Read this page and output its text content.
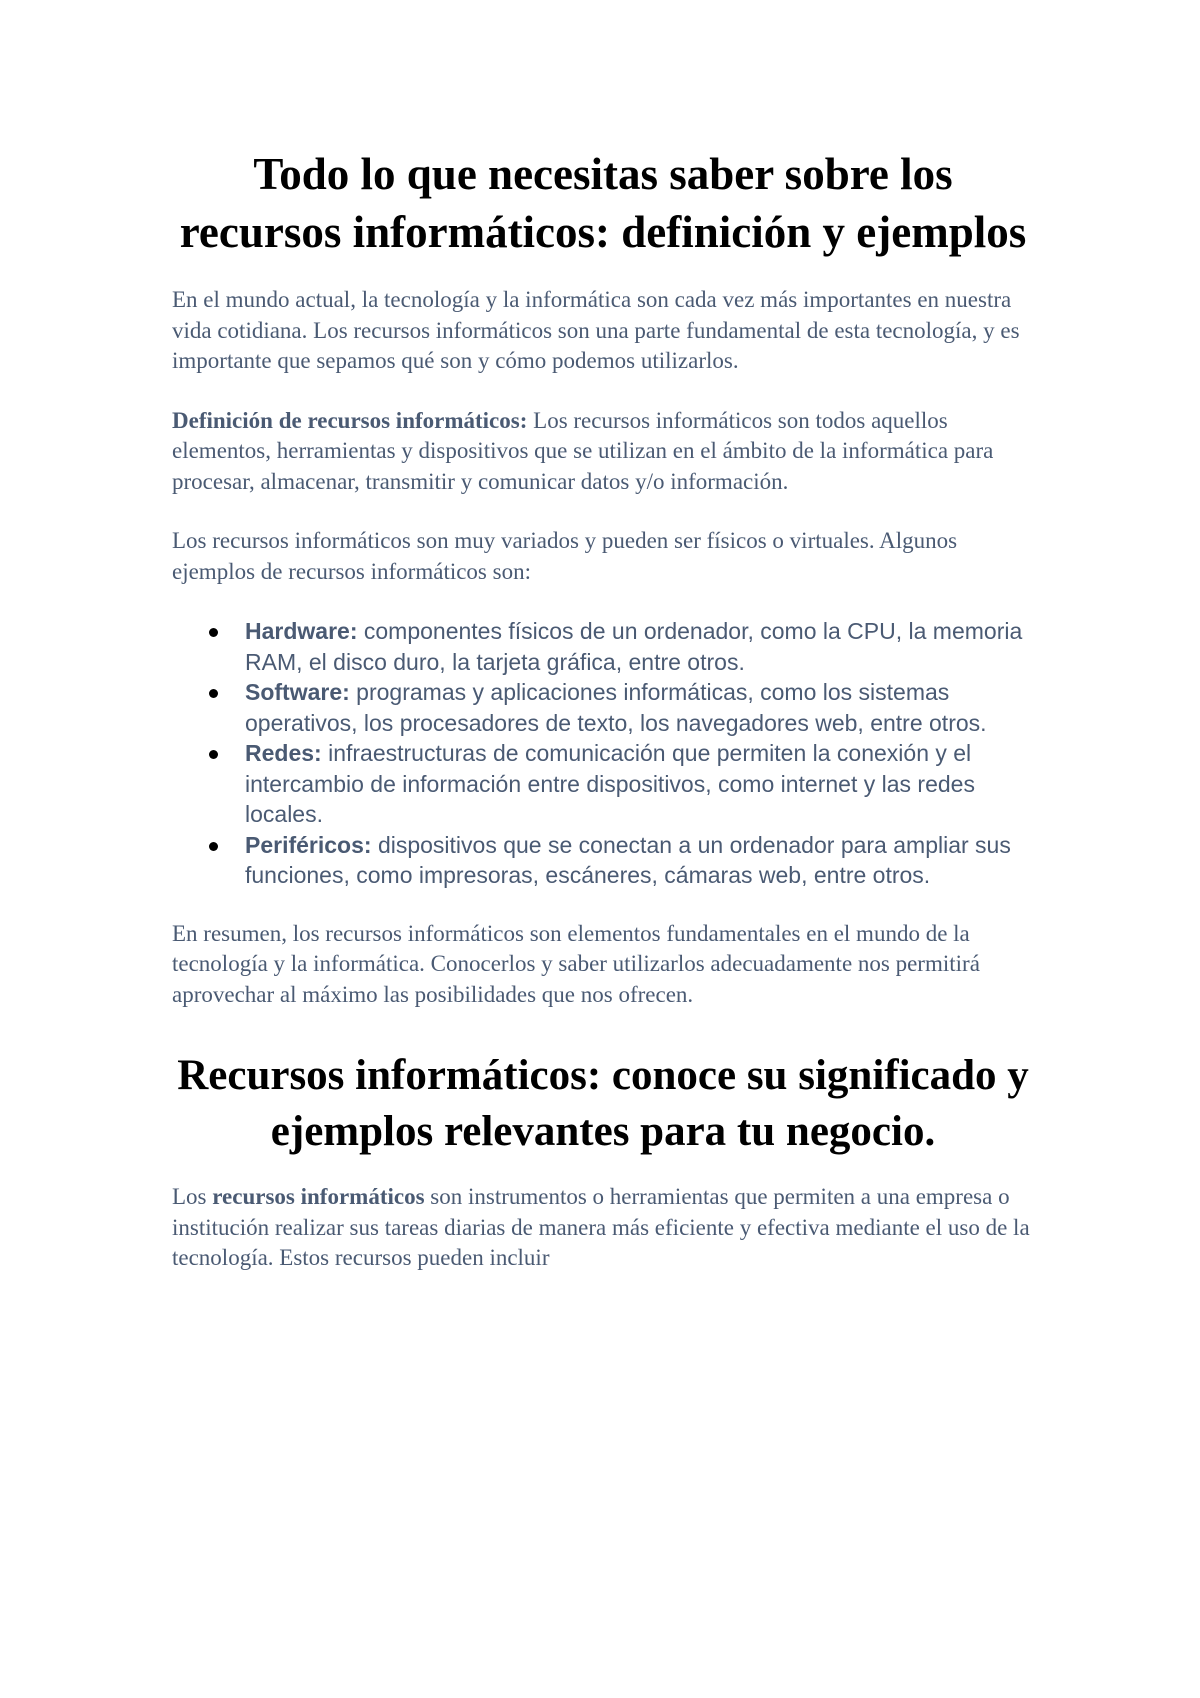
Todo lo que necesitas saber sobre los recursos informáticos: definición y ejemplos

En el mundo actual, la tecnología y la informática son cada vez más importantes en nuestra vida cotidiana. Los recursos informáticos son una parte fundamental de esta tecnología, y es importante que sepamos qué son y cómo podemos utilizarlos.

Definición de recursos informáticos: Los recursos informáticos son todos aquellos elementos, herramientas y dispositivos que se utilizan en el ámbito de la informática para procesar, almacenar, transmitir y comunicar datos y/o información.

Los recursos informáticos son muy variados y pueden ser físicos o virtuales. Algunos ejemplos de recursos informáticos son:

Hardware: componentes físicos de un ordenador, como la CPU, la memoria RAM, el disco duro, la tarjeta gráfica, entre otros.
Software: programas y aplicaciones informáticas, como los sistemas operativos, los procesadores de texto, los navegadores web, entre otros.
Redes: infraestructuras de comunicación que permiten la conexión y el intercambio de información entre dispositivos, como internet y las redes locales.
Periféricos: dispositivos que se conectan a un ordenador para ampliar sus funciones, como impresoras, escáneres, cámaras web, entre otros.

En resumen, los recursos informáticos son elementos fundamentales en el mundo de la tecnología y la informática. Conocerlos y saber utilizarlos adecuadamente nos permitirá aprovechar al máximo las posibilidades que nos ofrecen.

Recursos informáticos: conoce su significado y ejemplos relevantes para tu negocio.

Los recursos informáticos son instrumentos o herramientas que permiten a una empresa o institución realizar sus tareas diarias de manera más eficiente y efectiva mediante el uso de la tecnología. Estos recursos pueden incluir
